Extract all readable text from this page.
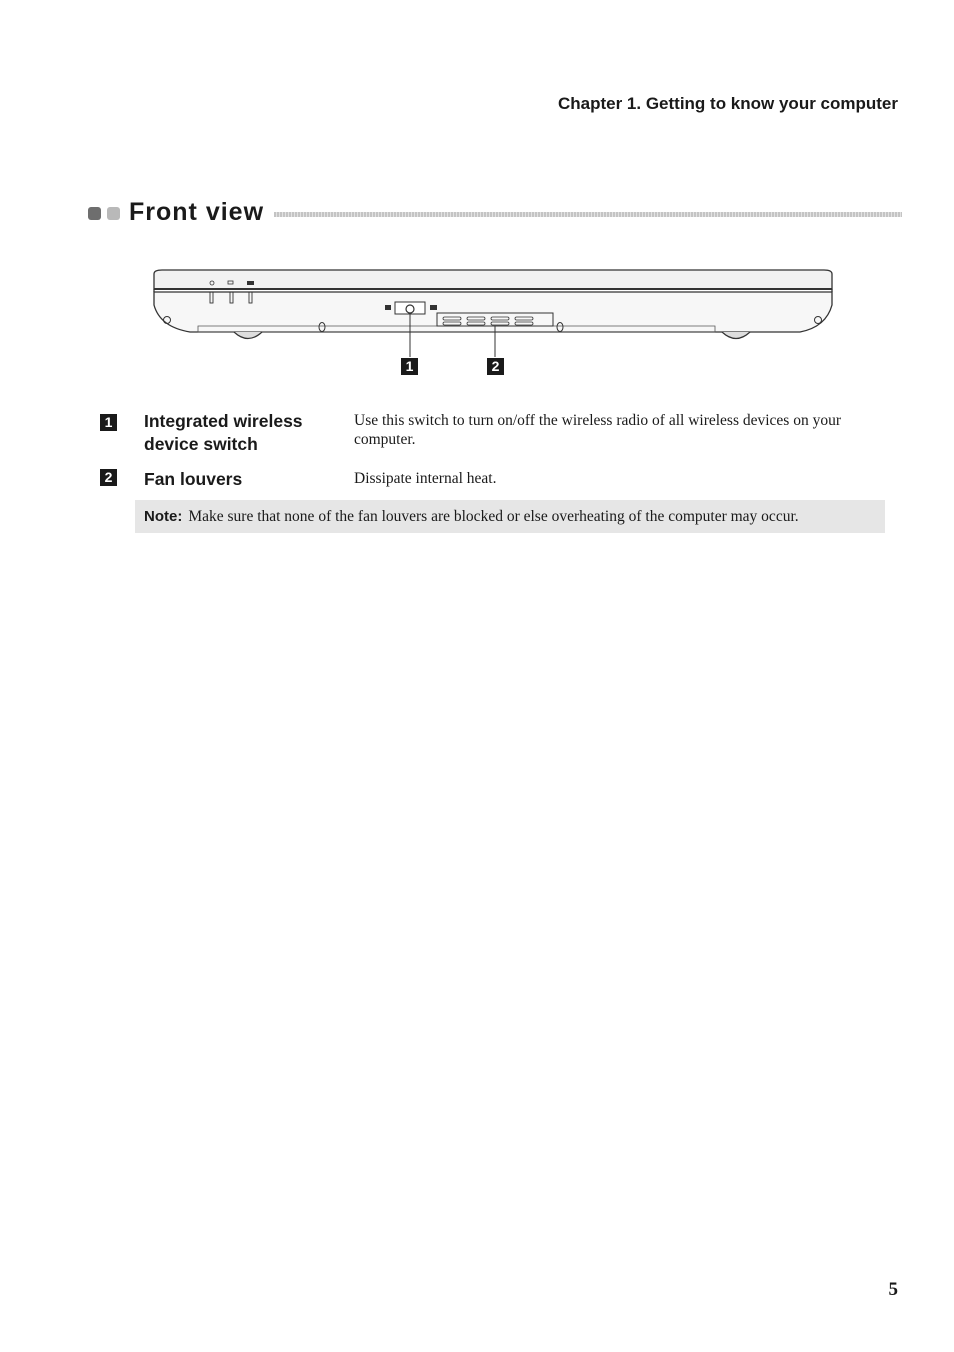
Chapter 1. Getting to know your computer
Front view
1	2
1 Integrated wireless device switch
Use this switch to turn on/off the wireless radio of all wireless devices on your computer.
2 Fan louvers	Dissipate internal heat.
Note: Make sure that none of the fan louvers are blocked or else overheating of the computer may occur.
5
